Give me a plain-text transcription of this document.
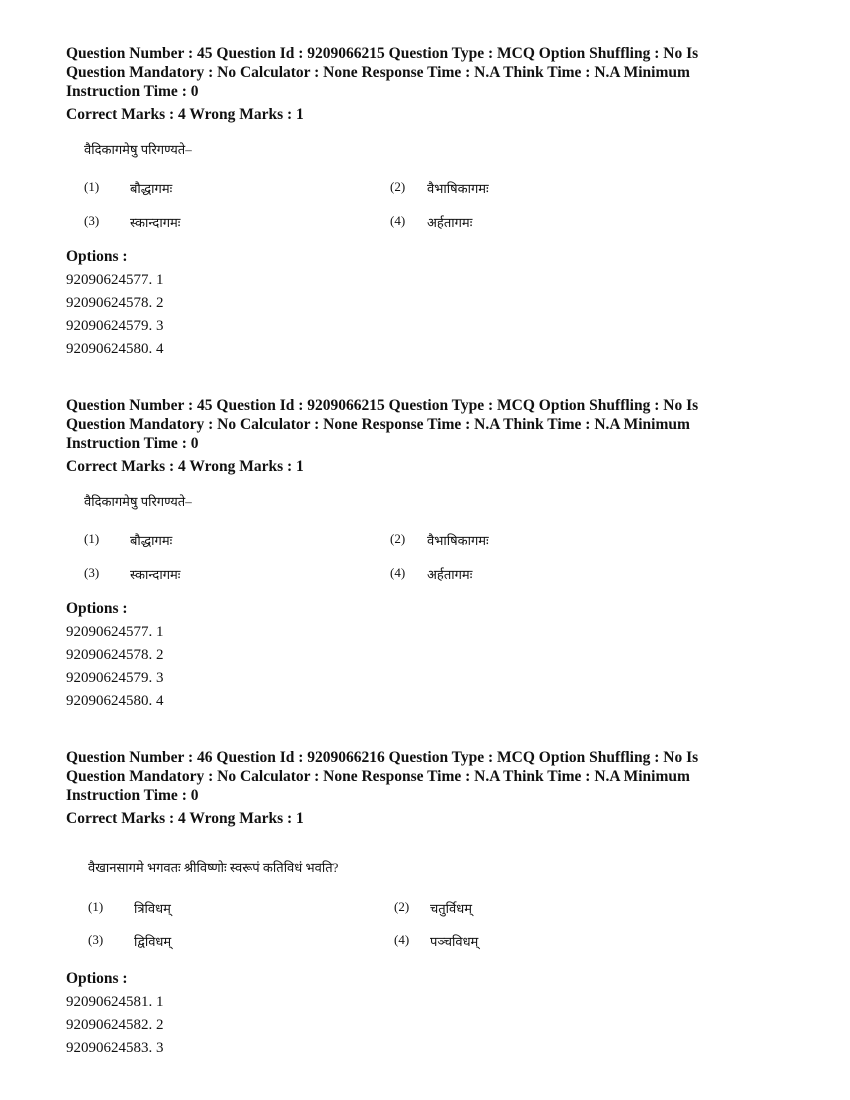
Question Number : 45 Question Id : 9209066215 Question Type : MCQ Option Shuffling : No Is
Question Mandatory : No Calculator : None Response Time : N.A Think Time : N.A Minimum
Instruction Time : 0
Correct Marks : 4 Wrong Marks : 1
वैदिकागमेषु परिगण्यते–
(1) बौद्धागमः	(2) वैभाषिकागमः
(3) स्कान्दागमः	(4) अर्हतागमः
Options :
92090624577. 1
92090624578. 2
92090624579. 3
92090624580. 4
Question Number : 45 Question Id : 9209066215 Question Type : MCQ Option Shuffling : No Is
Question Mandatory : No Calculator : None Response Time : N.A Think Time : N.A Minimum
Instruction Time : 0
Correct Marks : 4 Wrong Marks : 1
वैदिकागमेषु परिगण्यते–
(1) बौद्धागमः	(2) वैभाषिकागमः
(3) स्कान्दागमः	(4) अर्हतागमः
Options :
92090624577. 1
92090624578. 2
92090624579. 3
92090624580. 4
Question Number : 46 Question Id : 9209066216 Question Type : MCQ Option Shuffling : No Is
Question Mandatory : No Calculator : None Response Time : N.A Think Time : N.A Minimum
Instruction Time : 0
Correct Marks : 4 Wrong Marks : 1
वैखानसागमे भगवतः श्रीविष्णोः स्वरूपं कतिविधं भवति?
(1) त्रिविधम्	(2) चतुर्विधम्
(3) द्विविधम्	(4) पञ्चविधम्
Options :
92090624581. 1
92090624582. 2
92090624583. 3
